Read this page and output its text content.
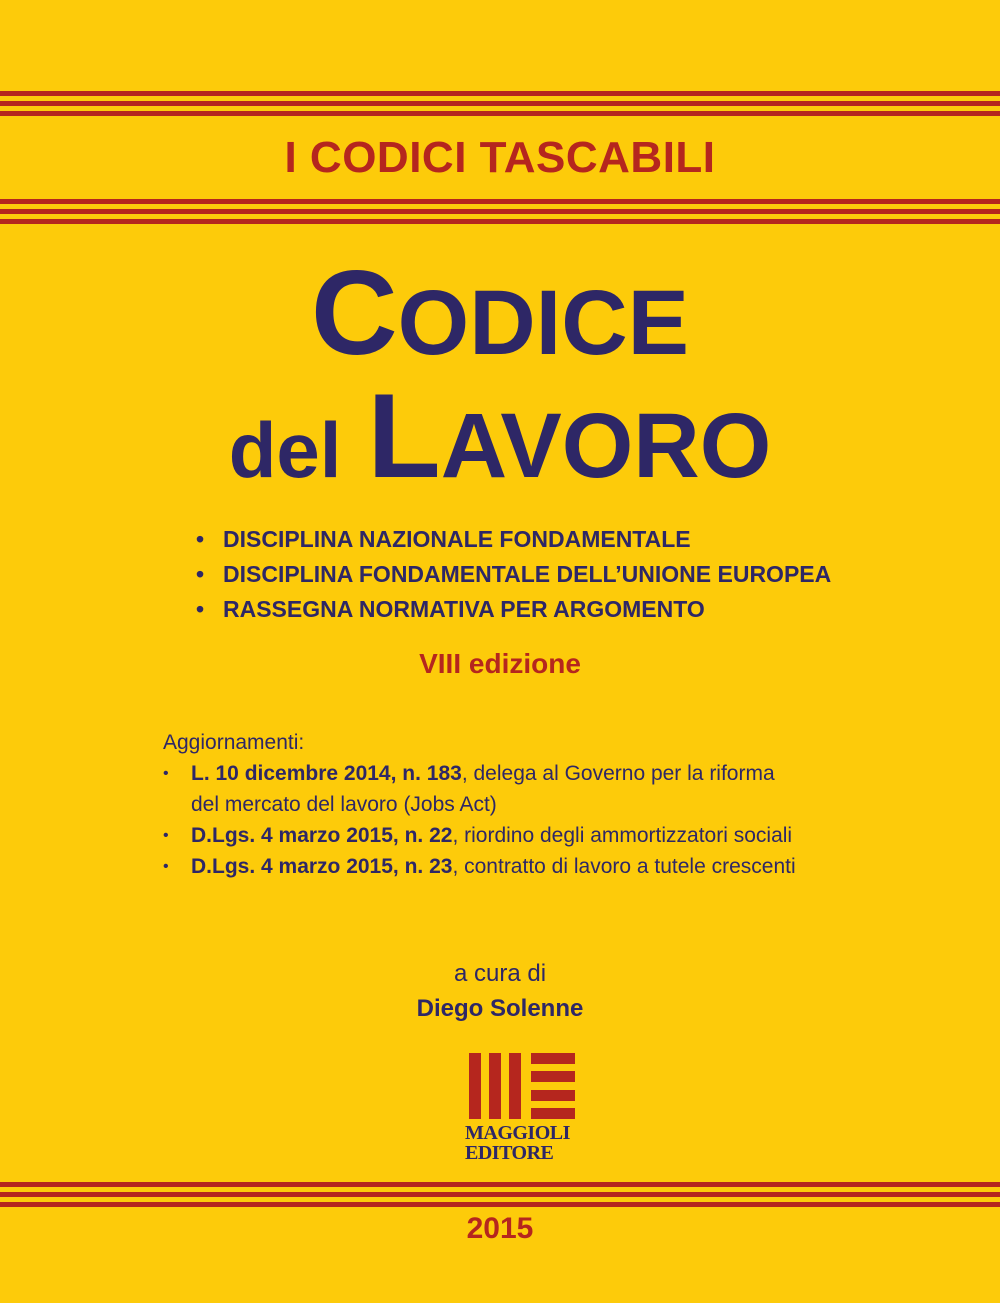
I CODICI TASCABILI
CODICE
del LAVORO
• DISCIPLINA NAZIONALE FONDAMENTALE
• DISCIPLINA FONDAMENTALE DELL’UNIONE EUROPEA
• RASSEGNA NORMATIVA PER ARGOMENTO
VIII edizione
Aggiornamenti:
• L. 10 dicembre 2014, n. 183, delega al Governo per la riforma
del mercato del lavoro (Jobs Act)
• D.Lgs. 4 marzo 2015, n. 22, riordino degli ammortizzatori sociali
• D.Lgs. 4 marzo 2015, n. 23, contratto di lavoro a tutele crescenti
a cura di
Diego Solenne
MAGGIOLI
EDITORE
2015
